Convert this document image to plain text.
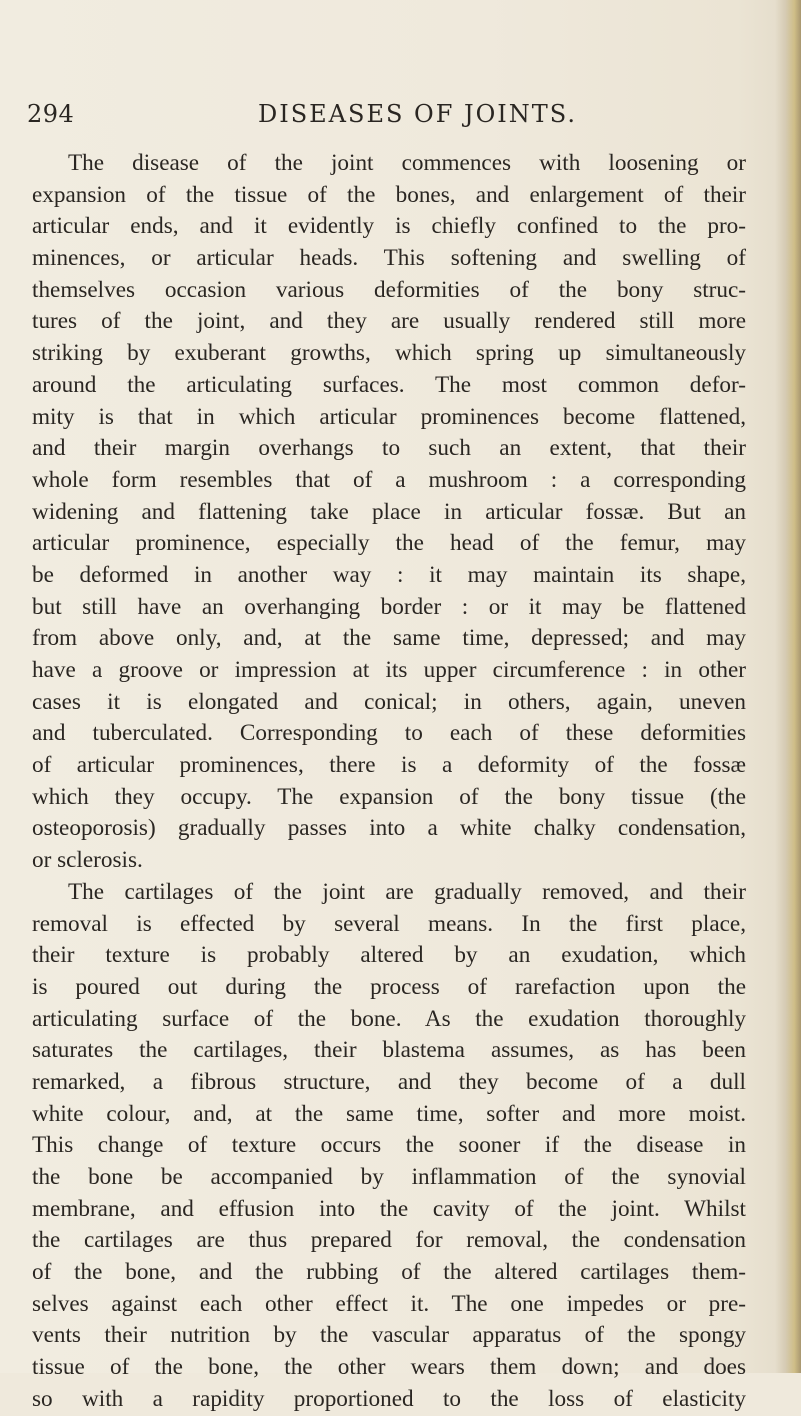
294	DISEASES OF JOINTS.
The disease of the joint commences with loosening or
expansion of the tissue of the bones, and enlargement of their
articular ends, and it evidently is chiefly confined to the pro-
minences, or articular heads. This softening and swelling of
themselves occasion various deformities of the bony struc-
tures of the joint, and they are usually rendered still more
striking by exuberant growths, which spring up simultaneously
around the articulating surfaces. The most common defor-
mity is that in which articular prominences become flattened,
and their margin overhangs to such an extent, that their
whole form resembles that of a mushroom : a corresponding
widening and flattening take place in articular fossæ. But an
articular prominence, especially the head of the femur, may
be deformed in another way : it may maintain its shape,
but still have an overhanging border : or it may be flattened
from above only, and, at the same time, depressed; and may
have a groove or impression at its upper circumference : in other
cases it is elongated and conical; in others, again, uneven
and tuberculated. Corresponding to each of these deformities
of articular prominences, there is a deformity of the fossæ
which they occupy. The expansion of the bony tissue (the
osteoporosis) gradually passes into a white chalky condensation,
or sclerosis.
The cartilages of the joint are gradually removed, and their
removal is effected by several means. In the first place,
their texture is probably altered by an exudation, which
is poured out during the process of rarefaction upon the
articulating surface of the bone. As the exudation thoroughly
saturates the cartilages, their blastema assumes, as has been
remarked, a fibrous structure, and they become of a dull
white colour, and, at the same time, softer and more moist.
This change of texture occurs the sooner if the disease in
the bone be accompanied by inflammation of the synovial
membrane, and effusion into the cavity of the joint. Whilst
the cartilages are thus prepared for removal, the condensation
of the bone, and the rubbing of the altered cartilages them-
selves against each other effect it. The one impedes or pre-
vents their nutrition by the vascular apparatus of the spongy
tissue of the bone, the other wears them down; and does
so with a rapidity proportioned to the loss of elasticity
